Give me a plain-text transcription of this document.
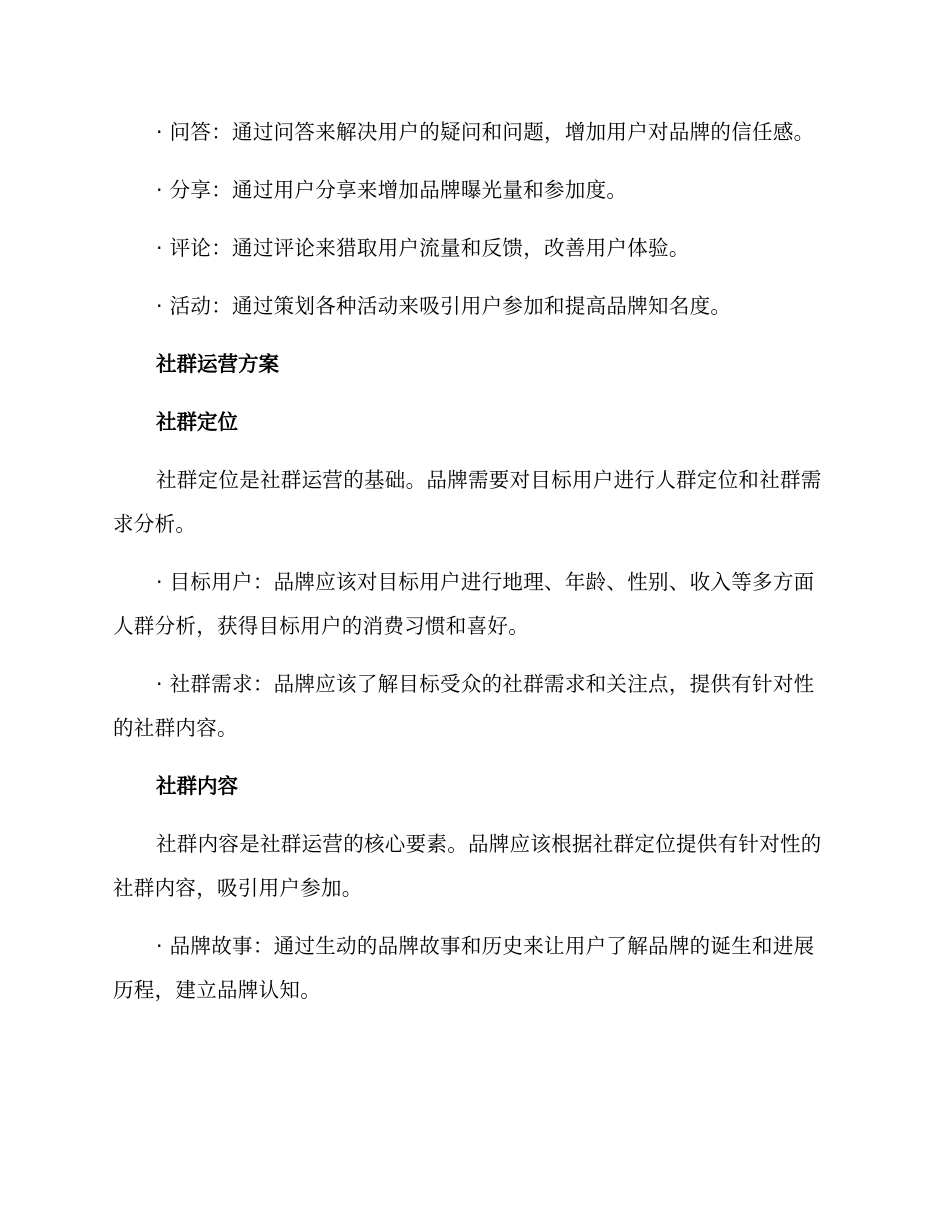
· 问答：通过问答来解决用户的疑问和问题，增加用户对品牌的信任感。

· 分享：通过用户分享来增加品牌曝光量和参加度。

· 评论：通过评论来猎取用户流量和反馈，改善用户体验。

· 活动：通过策划各种活动来吸引用户参加和提高品牌知名度。

社群运营方案
社群定位

社群定位是社群运营的基础。品牌需要对目标用户进行人群定位和社群需求分析。

· 目标用户：品牌应该对目标用户进行地理、年龄、性别、收入等多方面人群分析，获得目标用户的消费习惯和喜好。

· 社群需求：品牌应该了解目标受众的社群需求和关注点，提供有针对性的社群内容。

社群内容

社群内容是社群运营的核心要素。品牌应该根据社群定位提供有针对性的社群内容，吸引用户参加。

· 品牌故事：通过生动的品牌故事和历史来让用户了解品牌的诞生和进展历程，建立品牌认知。
